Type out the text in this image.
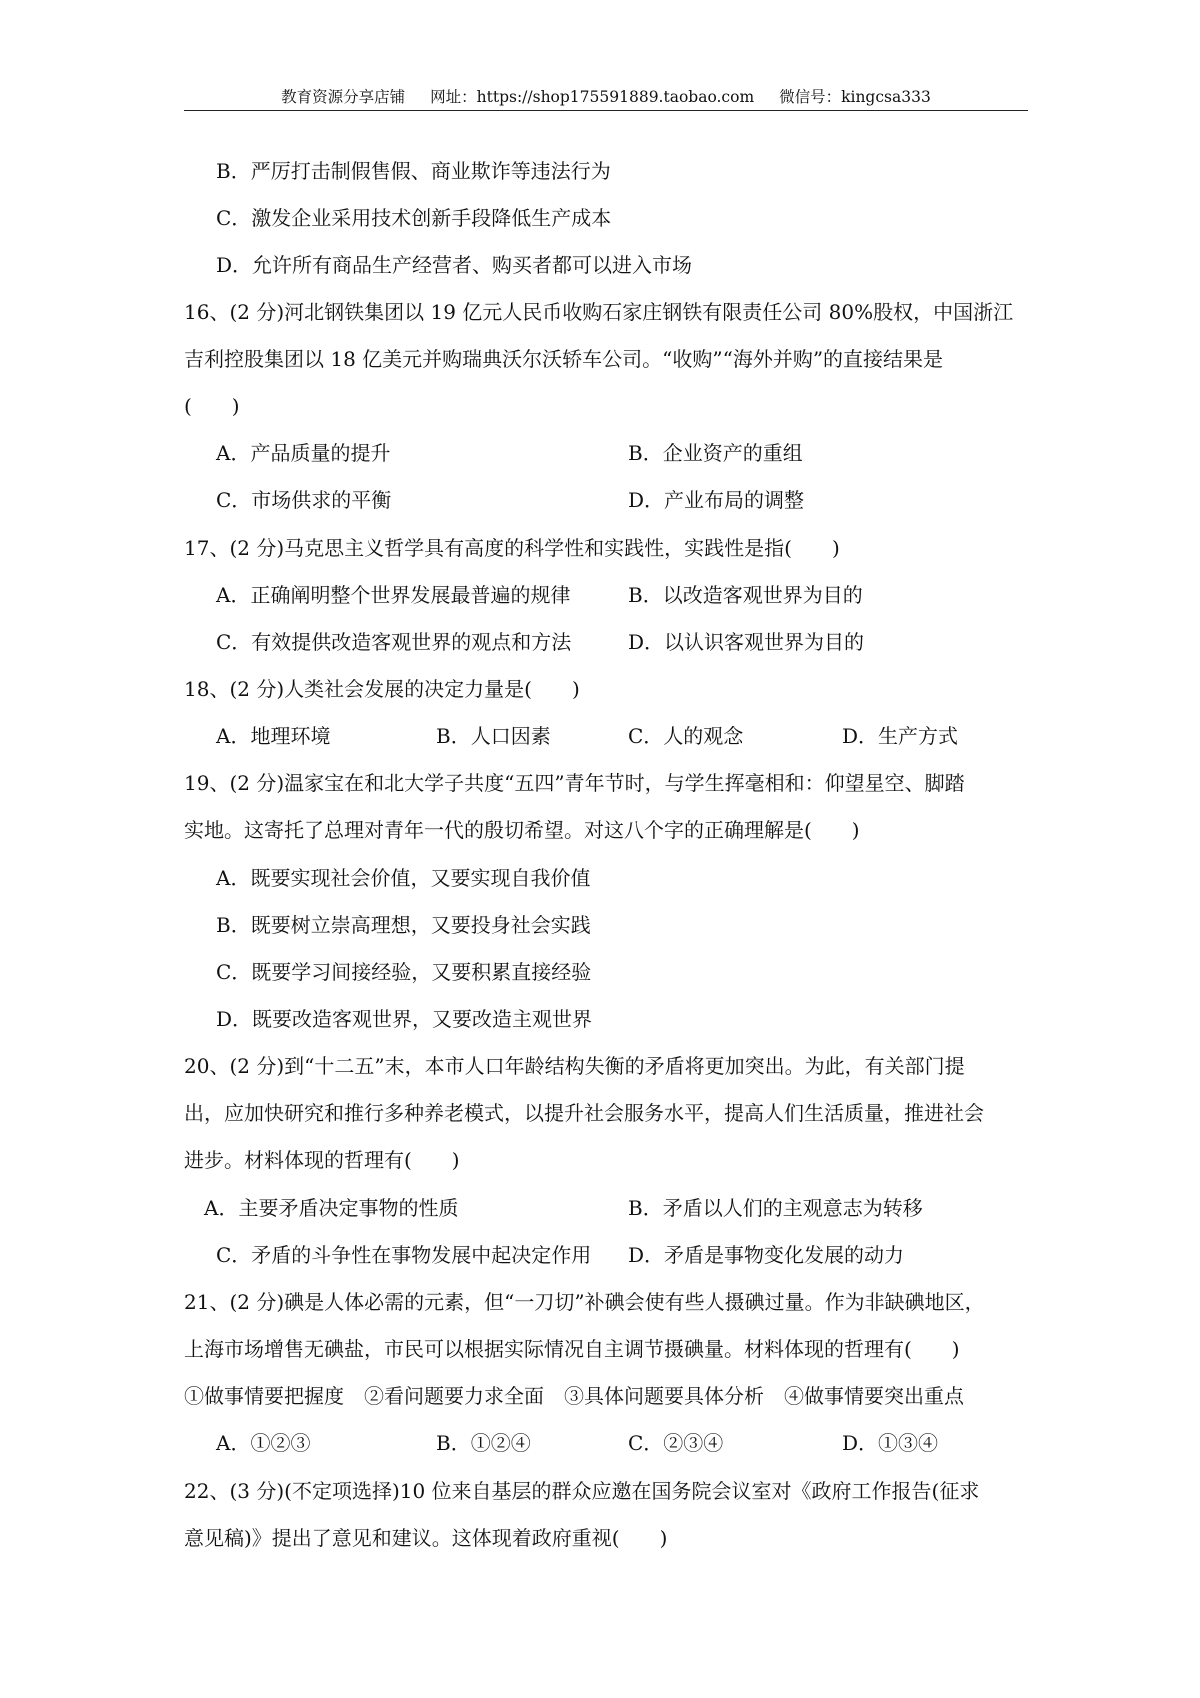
教育资源分享店铺 网址：https://shop175591889.taobao.com 微信号：kingcsa333
B．严厉打击制假售假、商业欺诈等违法行为
C．激发企业采用技术创新手段降低生产成本
D．允许所有商品生产经营者、购买者都可以进入市场
16、(2 分)河北钢铁集团以 19 亿元人民币收购石家庄钢铁有限责任公司 80%股权，中国浙江
吉利控股集团以 18 亿美元并购瑞典沃尔沃轿车公司。“收购”“海外并购”的直接结果是
(　　)
A．产品质量的提升	B．企业资产的重组
C．市场供求的平衡	D．产业布局的调整
17、(2 分)马克思主义哲学具有高度的科学性和实践性，实践性是指(　　)
A．正确阐明整个世界发展最普遍的规律	B．以改造客观世界为目的
C．有效提供改造客观世界的观点和方法	D．以认识客观世界为目的
18、(2 分)人类社会发展的决定力量是(　　)
A．地理环境	B．人口因素	C．人的观念	D．生产方式
19、(2 分)温家宝在和北大学子共度“五四”青年节时，与学生挥毫相和：仰望星空、脚踏
实地。这寄托了总理对青年一代的殷切希望。对这八个字的正确理解是(　　)
A．既要实现社会价值，又要实现自我价值
B．既要树立崇高理想，又要投身社会实践
C．既要学习间接经验，又要积累直接经验
D．既要改造客观世界，又要改造主观世界
20、(2 分)到“十二五”末，本市人口年龄结构失衡的矛盾将更加突出。为此，有关部门提
出，应加快研究和推行多种养老模式，以提升社会服务水平，提高人们生活质量，推进社会
进步。材料体现的哲理有(　　)
A．主要矛盾决定事物的性质	B．矛盾以人们的主观意志为转移
C．矛盾的斗争性在事物发展中起决定作用 D．矛盾是事物变化发展的动力
21、(2 分)碘是人体必需的元素，但“一刀切”补碘会使有些人摄碘过量。作为非缺碘地区，
上海市场增售无碘盐，市民可以根据实际情况自主调节摄碘量。材料体现的哲理有(　　)
①做事情要把握度　②看问题要力求全面　③具体问题要具体分析　④做事情要突出重点
A．①②③	B．①②④	C．②③④	D．①③④
22、(3 分)(不定项选择)10 位来自基层的群众应邀在国务院会议室对《政府工作报告(征求
意见稿)》提出了意见和建议。这体现着政府重视(　　)
